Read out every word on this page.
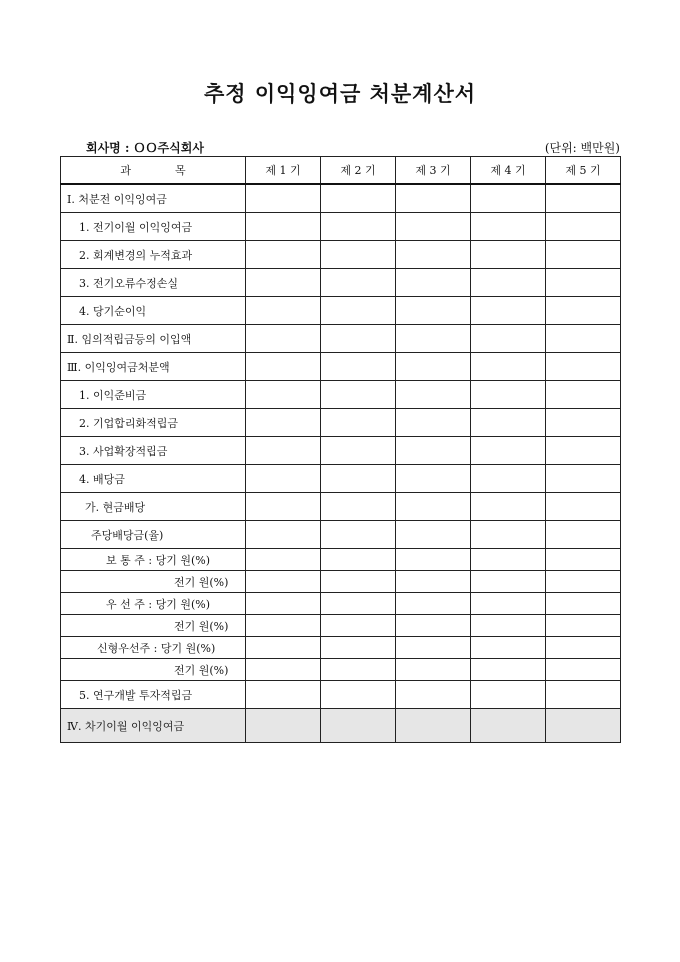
추정 이익잉여금 처분계산서
회사명 : ＯＯ주식회사	(단위: 백만원)
과　　　　목	제 1 기	제 2 기	제 3 기	제 4 기	제 5 기
Ⅰ. 처분전 이익잉여금					
1. 전기이월 이익잉여금					
2. 회계변경의 누적효과					
3. 전기오류수정손실					
4. 당기순이익					
Ⅱ. 임의적립금등의 이입액					
Ⅲ. 이익잉여금처분액					
1. 이익준비금					
2. 기업합리화적립금					
3. 사업확장적립금					
4. 배당금					
가. 현금배당					
주당배당금(율)					
보 통 주 : 당기 원(%)					
전기 원(%)					
우 선 주 : 당기 원(%)					
전기 원(%)					
신형우선주 : 당기 원(%)					
전기 원(%)					
5. 연구개발 투자적립금					
Ⅳ. 차기이월 이익잉여금					
